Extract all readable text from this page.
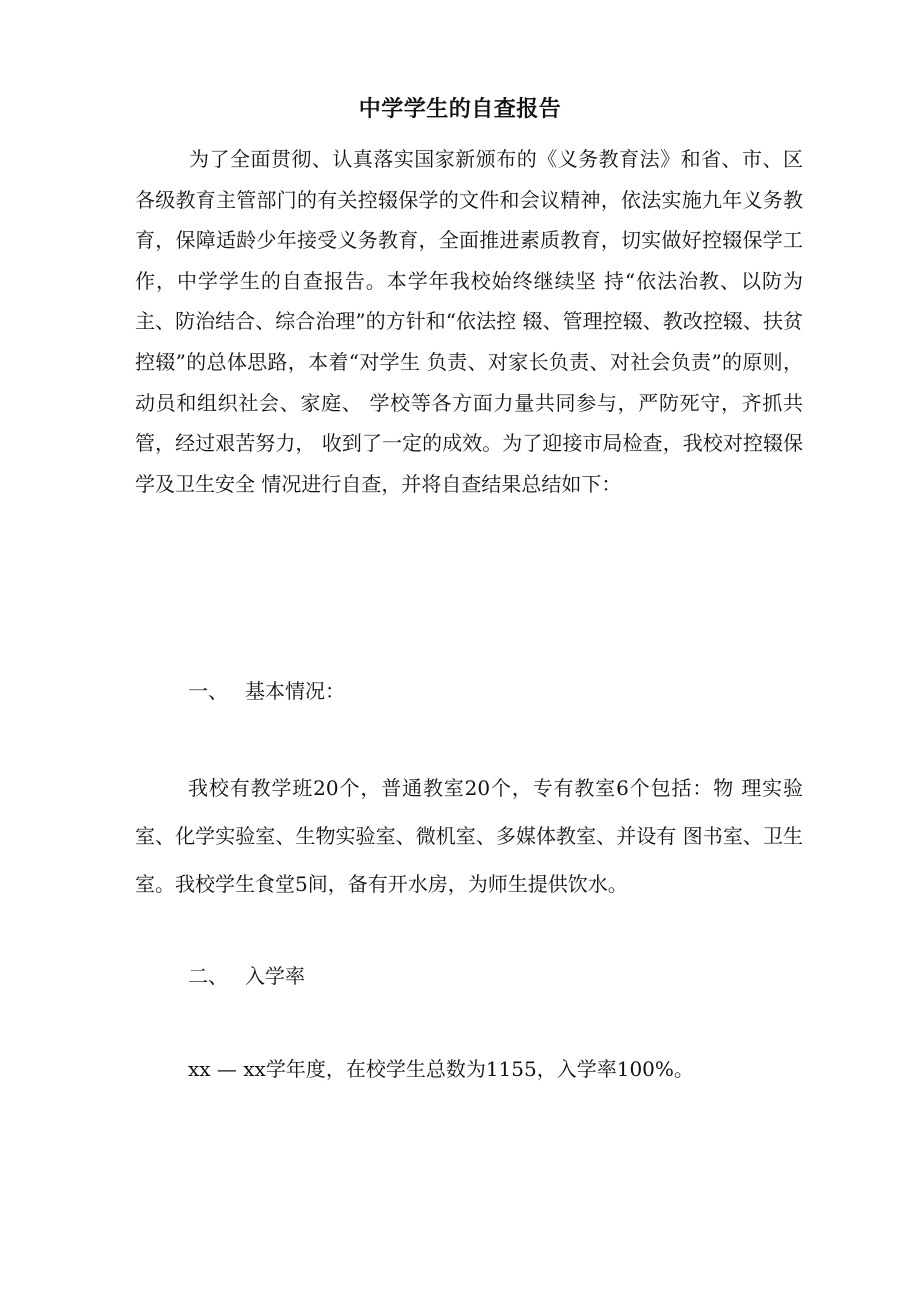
中学学生的自查报告
为了全面贯彻、认真落实国家新颁布的《义务教育法》和省、市、区各级教育主管部门的有关控辍保学的文件和会议精神，依法实施九年义务教育，保障适龄少年接受义务教育，全面推进素质教育，切实做好控辍保学工作，中学学生的自查报告。本学年我校始终继续坚 持“依法治教、以防为主、防治结合、综合治理”的方针和“依法控 辍、管理控辍、教改控辍、扶贫控辍”的总体思路，本着“对学生 负责、对家长负责、对社会负责”的原则，动员和组织社会、家庭、 学校等各方面力量共同参与，严防死守，齐抓共管，经过艰苦努力， 收到了一定的成效。为了迎接市局检查，我校对控辍保学及卫生安全 情况进行自查，并将自查结果总结如下：
一、 基本情况：
我校有教学班20个，普通教室20个，专有教室6个包括：物 理实验室、化学实验室、生物实验室、微机室、多媒体教室、并设有 图书室、卫生室。我校学生食堂5间，备有开水房，为师生提供饮水。
二、 入学率
xx — xx学年度，在校学生总数为1155，入学率100%。
